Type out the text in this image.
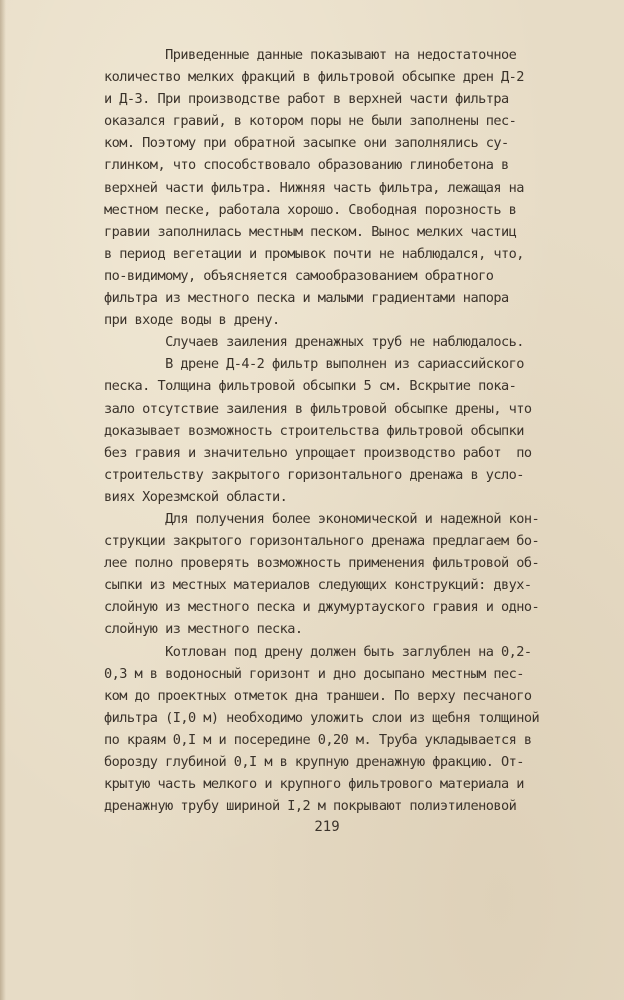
Приведенные данные показывают на недостаточное
количество мелких фракций в фильтровой обсыпке дрен Д-2
и Д-3. При производстве работ в верхней части фильтра
оказался гравий, в котором поры не были заполнены пес-
ком. Поэтому при обратной засыпке они заполнялись су-
глинком, что способствовало образованию глинобетона в
верхней части фильтра. Нижняя часть фильтра, лежащая на
местном песке, работала хорошо. Свободная порозность в
гравии заполнилась местным песком. Вынос мелких частиц
в период вегетации и промывок почти не наблюдался, что,
по-видимому, объясняется самообразованием обратного
фильтра из местного песка и малыми градиентами напора
при входе воды в дрену.
Случаев заиления дренажных труб не наблюдалось.
В дрене Д-4-2 фильтр выполнен из сариассийского
песка. Толщина фильтровой обсыпки 5 см. Вскрытие пока-
зало отсутствие заиления в фильтровой обсыпке дрены, что
доказывает возможность строительства фильтровой обсыпки
без гравия и значительно упрощает производство работ  по
строительству закрытого горизонтального дренажа в усло-
виях Хорезмской области.
Для получения более экономической и надежной кон-
струкции закрытого горизонтального дренажа предлагаем бо-
лее полно проверять возможность применения фильтровой об-
сыпки из местных материалов следующих конструкций: двух-
слойную из местного песка и джумуртауского гравия и одно-
слойную из местного песка.
Котлован под дрену должен быть заглублен на 0,2-
0,3 м в водоносный горизонт и дно досыпано местным пес-
ком до проектных отметок дна траншеи. По верху песчаного
фильтра (I,0 м) необходимо уложить слои из щебня толщиной
по краям 0,I м и посередине 0,20 м. Труба укладывается в
борозду глубиной 0,I м в крупную дренажную фракцию. От-
крытую часть мелкого и крупного фильтрового материала и
дренажную трубу шириной I,2 м покрывают полиэтиленовой
219
